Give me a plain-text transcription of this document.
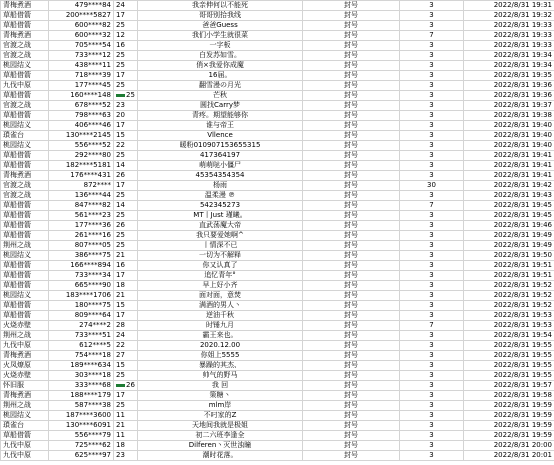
青梅煮酒	479****84	24	我亲伸何以不能死	封号	3	2022/8/31 19:31
草船借箭	200****5827	17	哥哥别拾我线	封号	3	2022/8/31 19:32
草船借箭	600****82	25	爸爸Guess	封号	3	2022/8/31 19:33
青梅煮酒	600****32	12	我们小学生就很菜	封号	7	2022/8/31 19:33
官渡之战	705****54	16	一字板	封号	3	2022/8/31 19:33
官渡之战	733****12	25	白发苏如雪。	封号	3	2022/8/31 19:34
桃园结义	438****11	25	俏×我爱你成魔	封号	3	2022/8/31 19:34
草船借箭	718****39	17	16届。	封号	3	2022/8/31 19:35
九伐中原	177****45	25	翻雪漫の月光	封号	3	2022/8/31 19:36
草船借箭	160****148	25	芒秋	封号	3	2022/8/31 19:36
官渡之战	678****52	23	圆找Carry梦	封号	3	2022/8/31 19:37
草船借箭	798****63	20	青疼。期望能够你	封号	3	2022/8/31 19:38
桃园结义	406****46	17	谁与帝王	封号	3	2022/8/31 19:40
瑣雀台	130****2145	15	Vllence	封号	3	2022/8/31 19:40
桃园结义	556****52	22	暖粉010907153655315	封号	3	2022/8/31 19:40
草船借箭	292****80	25	417364197	封号	3	2022/8/31 19:41
草船借箭	182****5181	14	萌萌哒小僵尸	封号	3	2022/8/31 19:41
青梅煮酒	176****431	26	45354354354	封号	3	2022/8/31 19:41
官渡之战	872****	17	杨雨	封号	30	2022/8/31 19:42
官渡之战	136****44	25	温柔漫 ℗	封号	3	2022/8/31 19:43
草船借箭	847****82	14	542345273	封号	7	2022/8/31 19:45
草船借箭	561****23	25	MT丨Just 瑾曦。	封号	3	2022/8/31 19:45
草船借箭	177****36	26	直武荡魔大帝	封号	3	2022/8/31 19:46
草船借箭	261****16	25	我只要爱她啊^	封号	3	2022/8/31 19:49
荆州之战	807****05	25	丨情深不已	封号	3	2022/8/31 19:49
桃园结义	386****75	21	一切为不解释	封号	3	2022/8/31 19:50
草船借箭	166****894	16	你又认真了	封号	3	2022/8/31 19:51
草船借箭	733****34	17	追忆青年°	封号	3	2022/8/31 19:51
草船借箭	665****90	18	早上好小齐	封号	3	2022/8/31 19:52
桃园结义	183****1706	21	面对面，意焚	封号	3	2022/8/31 19:52
草船借箭	180****75	15	满酒的男人丶	封号	3	2022/8/31 19:52
草船借箭	809****64	17	逆油千秋	封号	3	2022/8/31 19:53
火烧赤壁	274****2	28	时锤九月	封号	7	2022/8/31 19:53
荆州之战	733****51	24	霸王来也。	封号	3	2022/8/31 19:54
九伐中原	612****5	22	2020.12.00	封号	3	2022/8/31 19:55
青梅煮酒	754****18	27	你姐上5555	封号	3	2022/8/31 19:55
火凤燎原	189****634	15	暴躁的其杰、	封号	3	2022/8/31 19:55
火烧赤壁	303****18	25	帅气的野马	封号	3	2022/8/31 19:55
怀旧服	333****68	26	我 回	封号	3	2022/8/31 19:57
青梅煮酒	188****179	17	策糖丶	封号	3	2022/8/31 19:58
荆州之战	587****38	25	mlm岸	封号	3	2022/8/31 19:59
桃园结义	187****3600	11	不叼家的Z	封号	3	2022/8/31 19:59
瑣雀台	130****6091	21	天地间我就是极姐	封号	3	2022/8/31 19:59
草船借箭	556****79	11	初二六班李逢全	封号	3	2022/8/31 19:59
九伐中原	725****62	18	Dilferen丶灭世浊瞳	封号	3	2022/8/31 20:00
九伐中原	625****97	23	潮时花落。	封号	3	2022/8/31 20:01
